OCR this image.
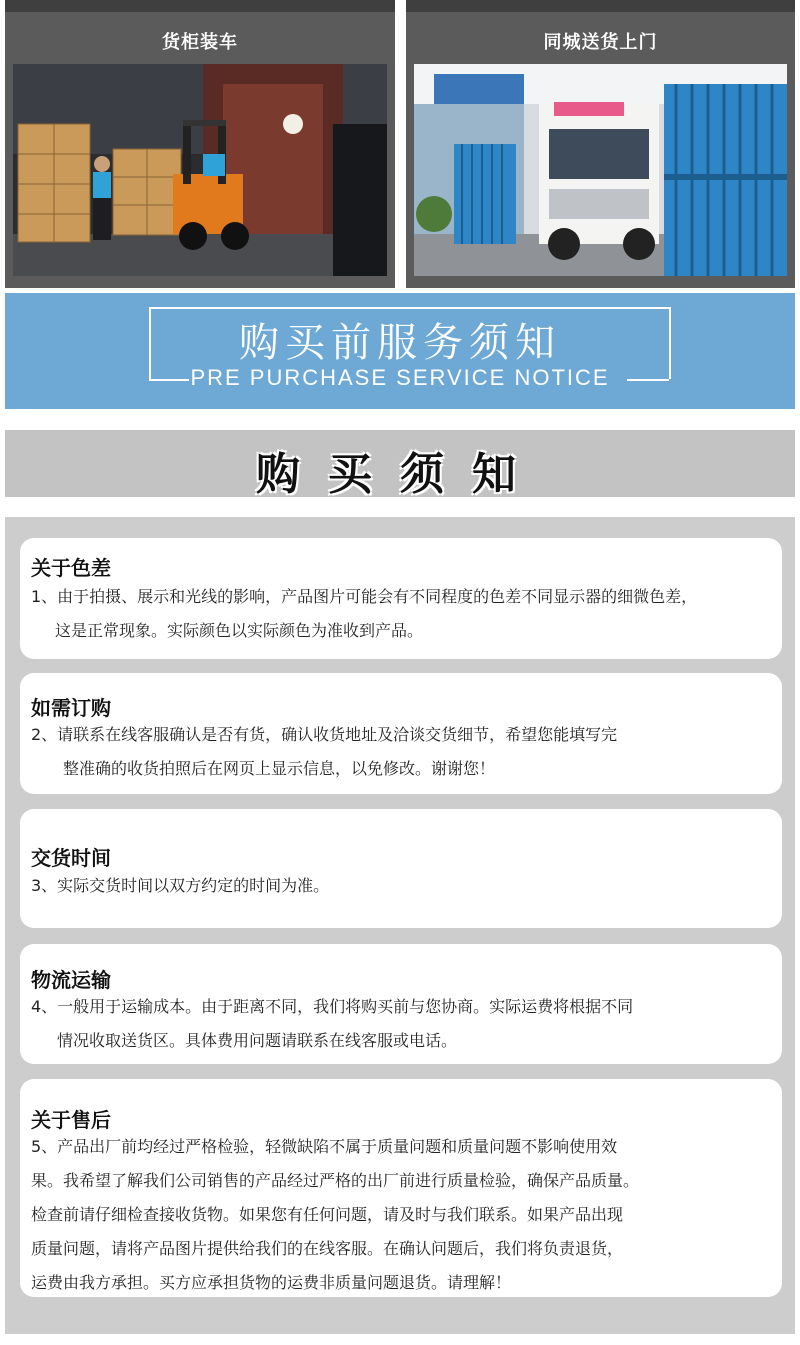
货柜装车	同城送货上门
购买前服务须知
PRE PURCHASE SERVICE NOTICE
购买须知
关于色差

1、由于拍摄、展示和光线的影响，产品图片可能会有不同程度的色差不同显示器的细微色差，
这是正常现象。实际颜色以实际颜色为准收到产品。

如需订购

2、请联系在线客服确认是否有货，确认收货地址及洽谈交货细节，希望您能填写完
整准确的收货拍照后在网页上显示信息，以免修改。谢谢您！

交货时间

3、实际交货时间以双方约定的时间为准。

物流运输

4、一般用于运输成本。由于距离不同，我们将购买前与您协商。实际运费将根据不同
情况收取送货区。具体费用问题请联系在线客服或电话。

关于售后

5、产品出厂前均经过严格检验，轻微缺陷不属于质量问题和质量问题不影响使用效
果。我希望了解我们公司销售的产品经过严格的出厂前进行质量检验，确保产品质量。
检查前请仔细检查接收货物。如果您有任何问题，请及时与我们联系。如果产品出现
质量问题，请将产品图片提供给我们的在线客服。在确认问题后，我们将负责退货，
运费由我方承担。买方应承担货物的运费非质量问题退货。请理解！
